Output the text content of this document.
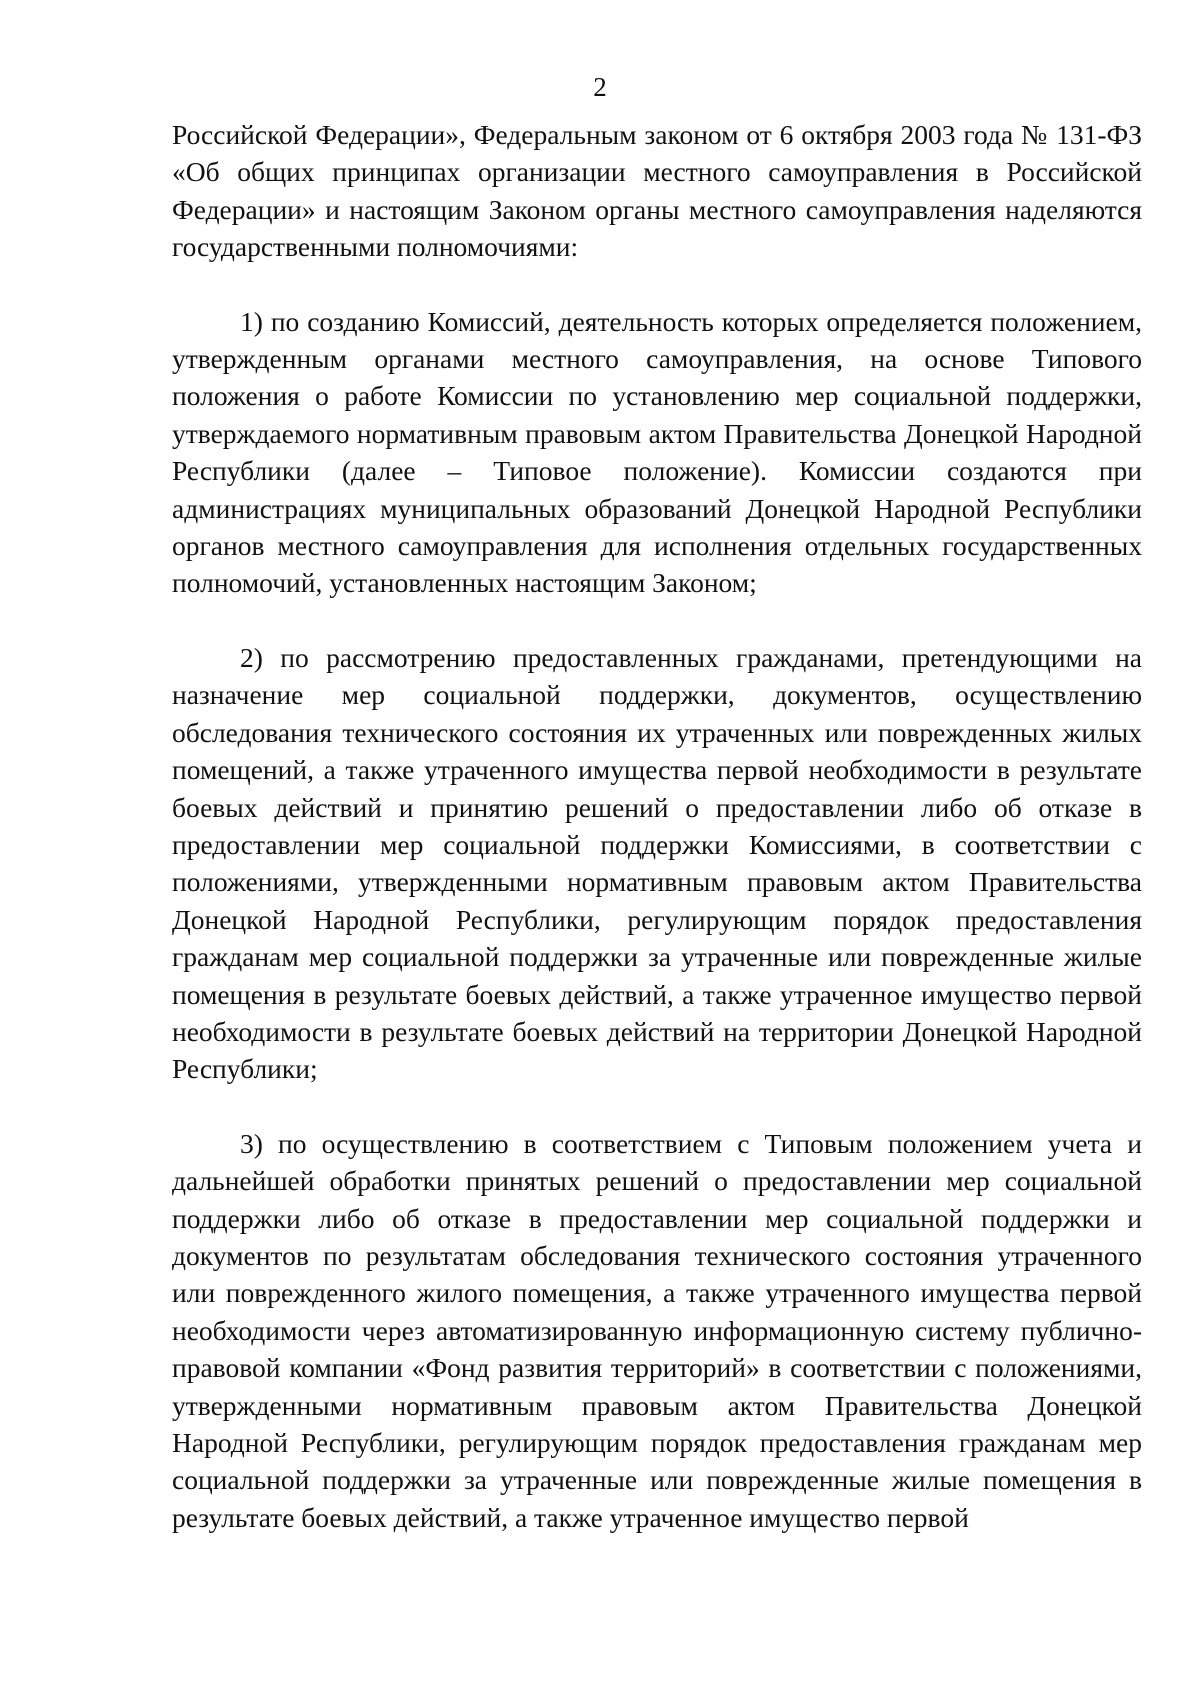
2

Российской Федерации», Федеральным законом от 6 октября 2003 года № 131-ФЗ «Об общих принципах организации местного самоуправления в Российской Федерации» и настоящим Законом органы местного самоуправления наделяются государственными полномочиями:

1) по созданию Комиссий, деятельность которых определяется положением, утвержденным органами местного самоуправления, на основе Типового положения о работе Комиссии по установлению мер социальной поддержки, утверждаемого нормативным правовым актом Правительства Донецкой Народной Республики (далее – Типовое положение). Комиссии создаются при администрациях муниципальных образований Донецкой Народной Республики органов местного самоуправления для исполнения отдельных государственных полномочий, установленных настоящим Законом;

2) по рассмотрению предоставленных гражданами, претендующими на назначение мер социальной поддержки, документов, осуществлению обследования технического состояния их утраченных или поврежденных жилых помещений, а также утраченного имущества первой необходимости в результате боевых действий и принятию решений о предоставлении либо об отказе в предоставлении мер социальной поддержки Комиссиями, в соответствии с положениями, утвержденными нормативным правовым актом Правительства Донецкой Народной Республики, регулирующим порядок предоставления гражданам мер социальной поддержки за утраченные или поврежденные жилые помещения в результате боевых действий, а также утраченное имущество первой необходимости в результате боевых действий на территории Донецкой Народной Республики;

3) по осуществлению в соответствием с Типовым положением учета и дальнейшей обработки принятых решений о предоставлении мер социальной поддержки либо об отказе в предоставлении мер социальной поддержки и документов по результатам обследования технического состояния утраченного или поврежденного жилого помещения, а также утраченного имущества первой необходимости через автоматизированную информационную систему публично-правовой компании «Фонд развития территорий» в соответствии с положениями, утвержденными нормативным правовым актом Правительства Донецкой Народной Республики, регулирующим порядок предоставления гражданам мер социальной поддержки за утраченные или поврежденные жилые помещения в результате боевых действий, а также утраченное имущество первой
